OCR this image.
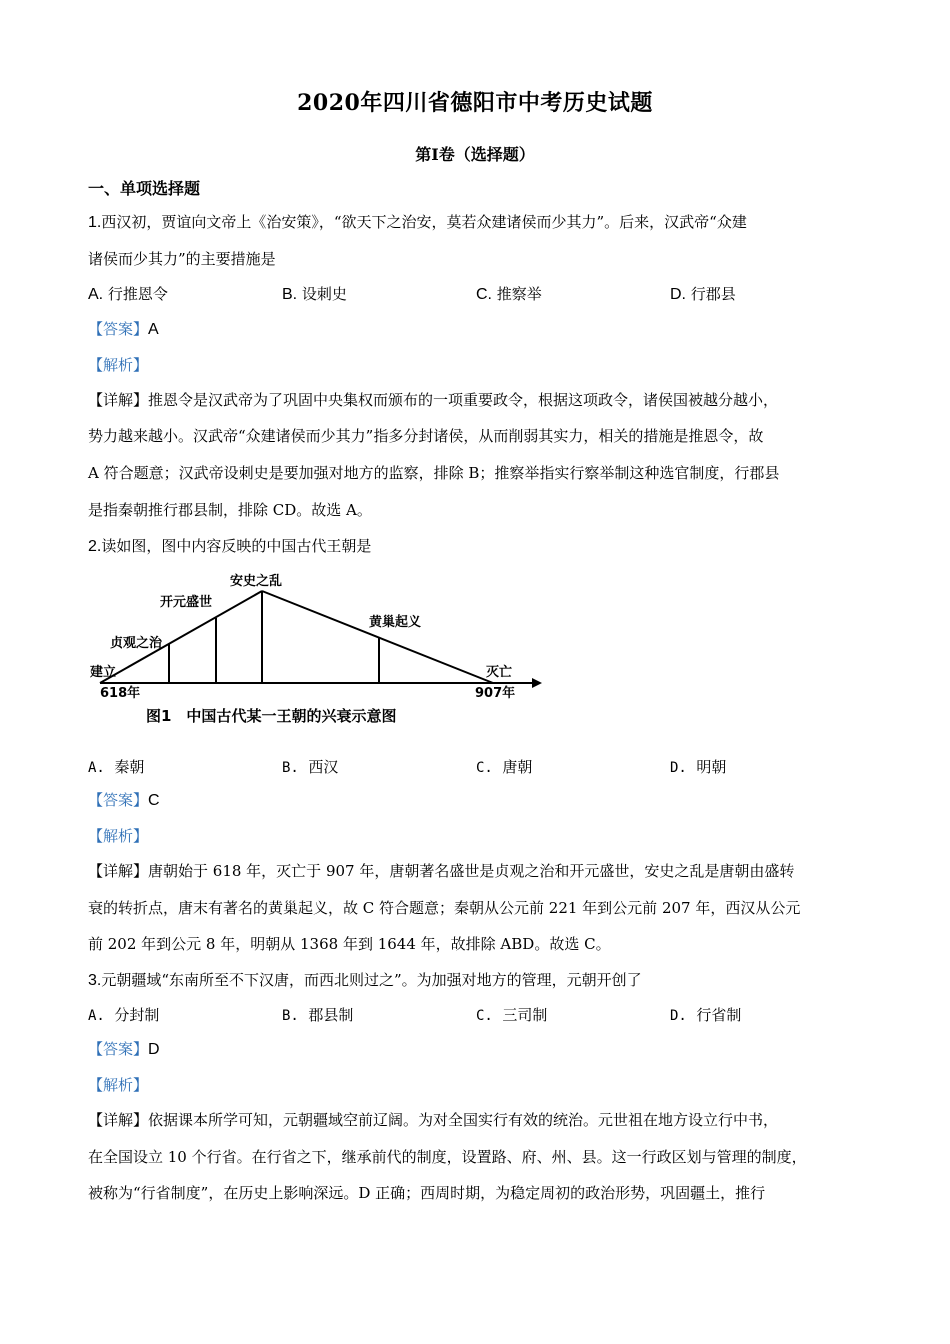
2020年四川省德阳市中考历史试题
第Ⅰ卷（选择题）
一、单项选择题
1.西汉初，贾谊向文帝上《治安策》，“欲天下之治安，莫若众建诸侯而少其力”。后来，汉武帝“众建
诸侯而少其力”的主要措施是
A. 行推恩令	B. 设刺史	C. 推察举	D. 行郡县
【答案】A
【解析】
【详解】推恩令是汉武帝为了巩固中央集权而颁布的一项重要政令，根据这项政令，诸侯国被越分越小，
势力越来越小。汉武帝“众建诸侯而少其力”指多分封诸侯，从而削弱其实力，相关的措施是推恩令，故
A 符合题意；汉武帝设刺史是要加强对地方的监察，排除 B；推察举指实行察举制这种选官制度，行郡县
是指秦朝推行郡县制，排除 CD。故选 A。
2.读如图，图中内容反映的中国古代王朝是
建立
618年
贞观之治
开元盛世
安史之乱
黄巢起义
灭亡
907年
图1　中国古代某一王朝的兴衰示意图
A. 秦朝	B. 西汉	C. 唐朝	D. 明朝
【答案】C
【解析】
【详解】唐朝始于 618 年，灭亡于 907 年，唐朝著名盛世是贞观之治和开元盛世，安史之乱是唐朝由盛转
衰的转折点，唐末有著名的黄巢起义，故 C 符合题意；秦朝从公元前 221 年到公元前 207 年，西汉从公元
前 202 年到公元 8 年，明朝从 1368 年到 1644 年，故排除 ABD。故选 C。
3.元朝疆域“东南所至不下汉唐，而西北则过之”。为加强对地方的管理，元朝开创了
A. 分封制	B. 郡县制	C. 三司制	D. 行省制
【答案】D
【解析】
【详解】依据课本所学可知，元朝疆域空前辽阔。为对全国实行有效的统治。元世祖在地方设立行中书，
在全国设立 10 个行省。在行省之下，继承前代的制度，设置路、府、州、县。这一行政区划与管理的制度，
被称为“行省制度”，在历史上影响深远。D 正确；西周时期，为稳定周初的政治形势，巩固疆土，推行
